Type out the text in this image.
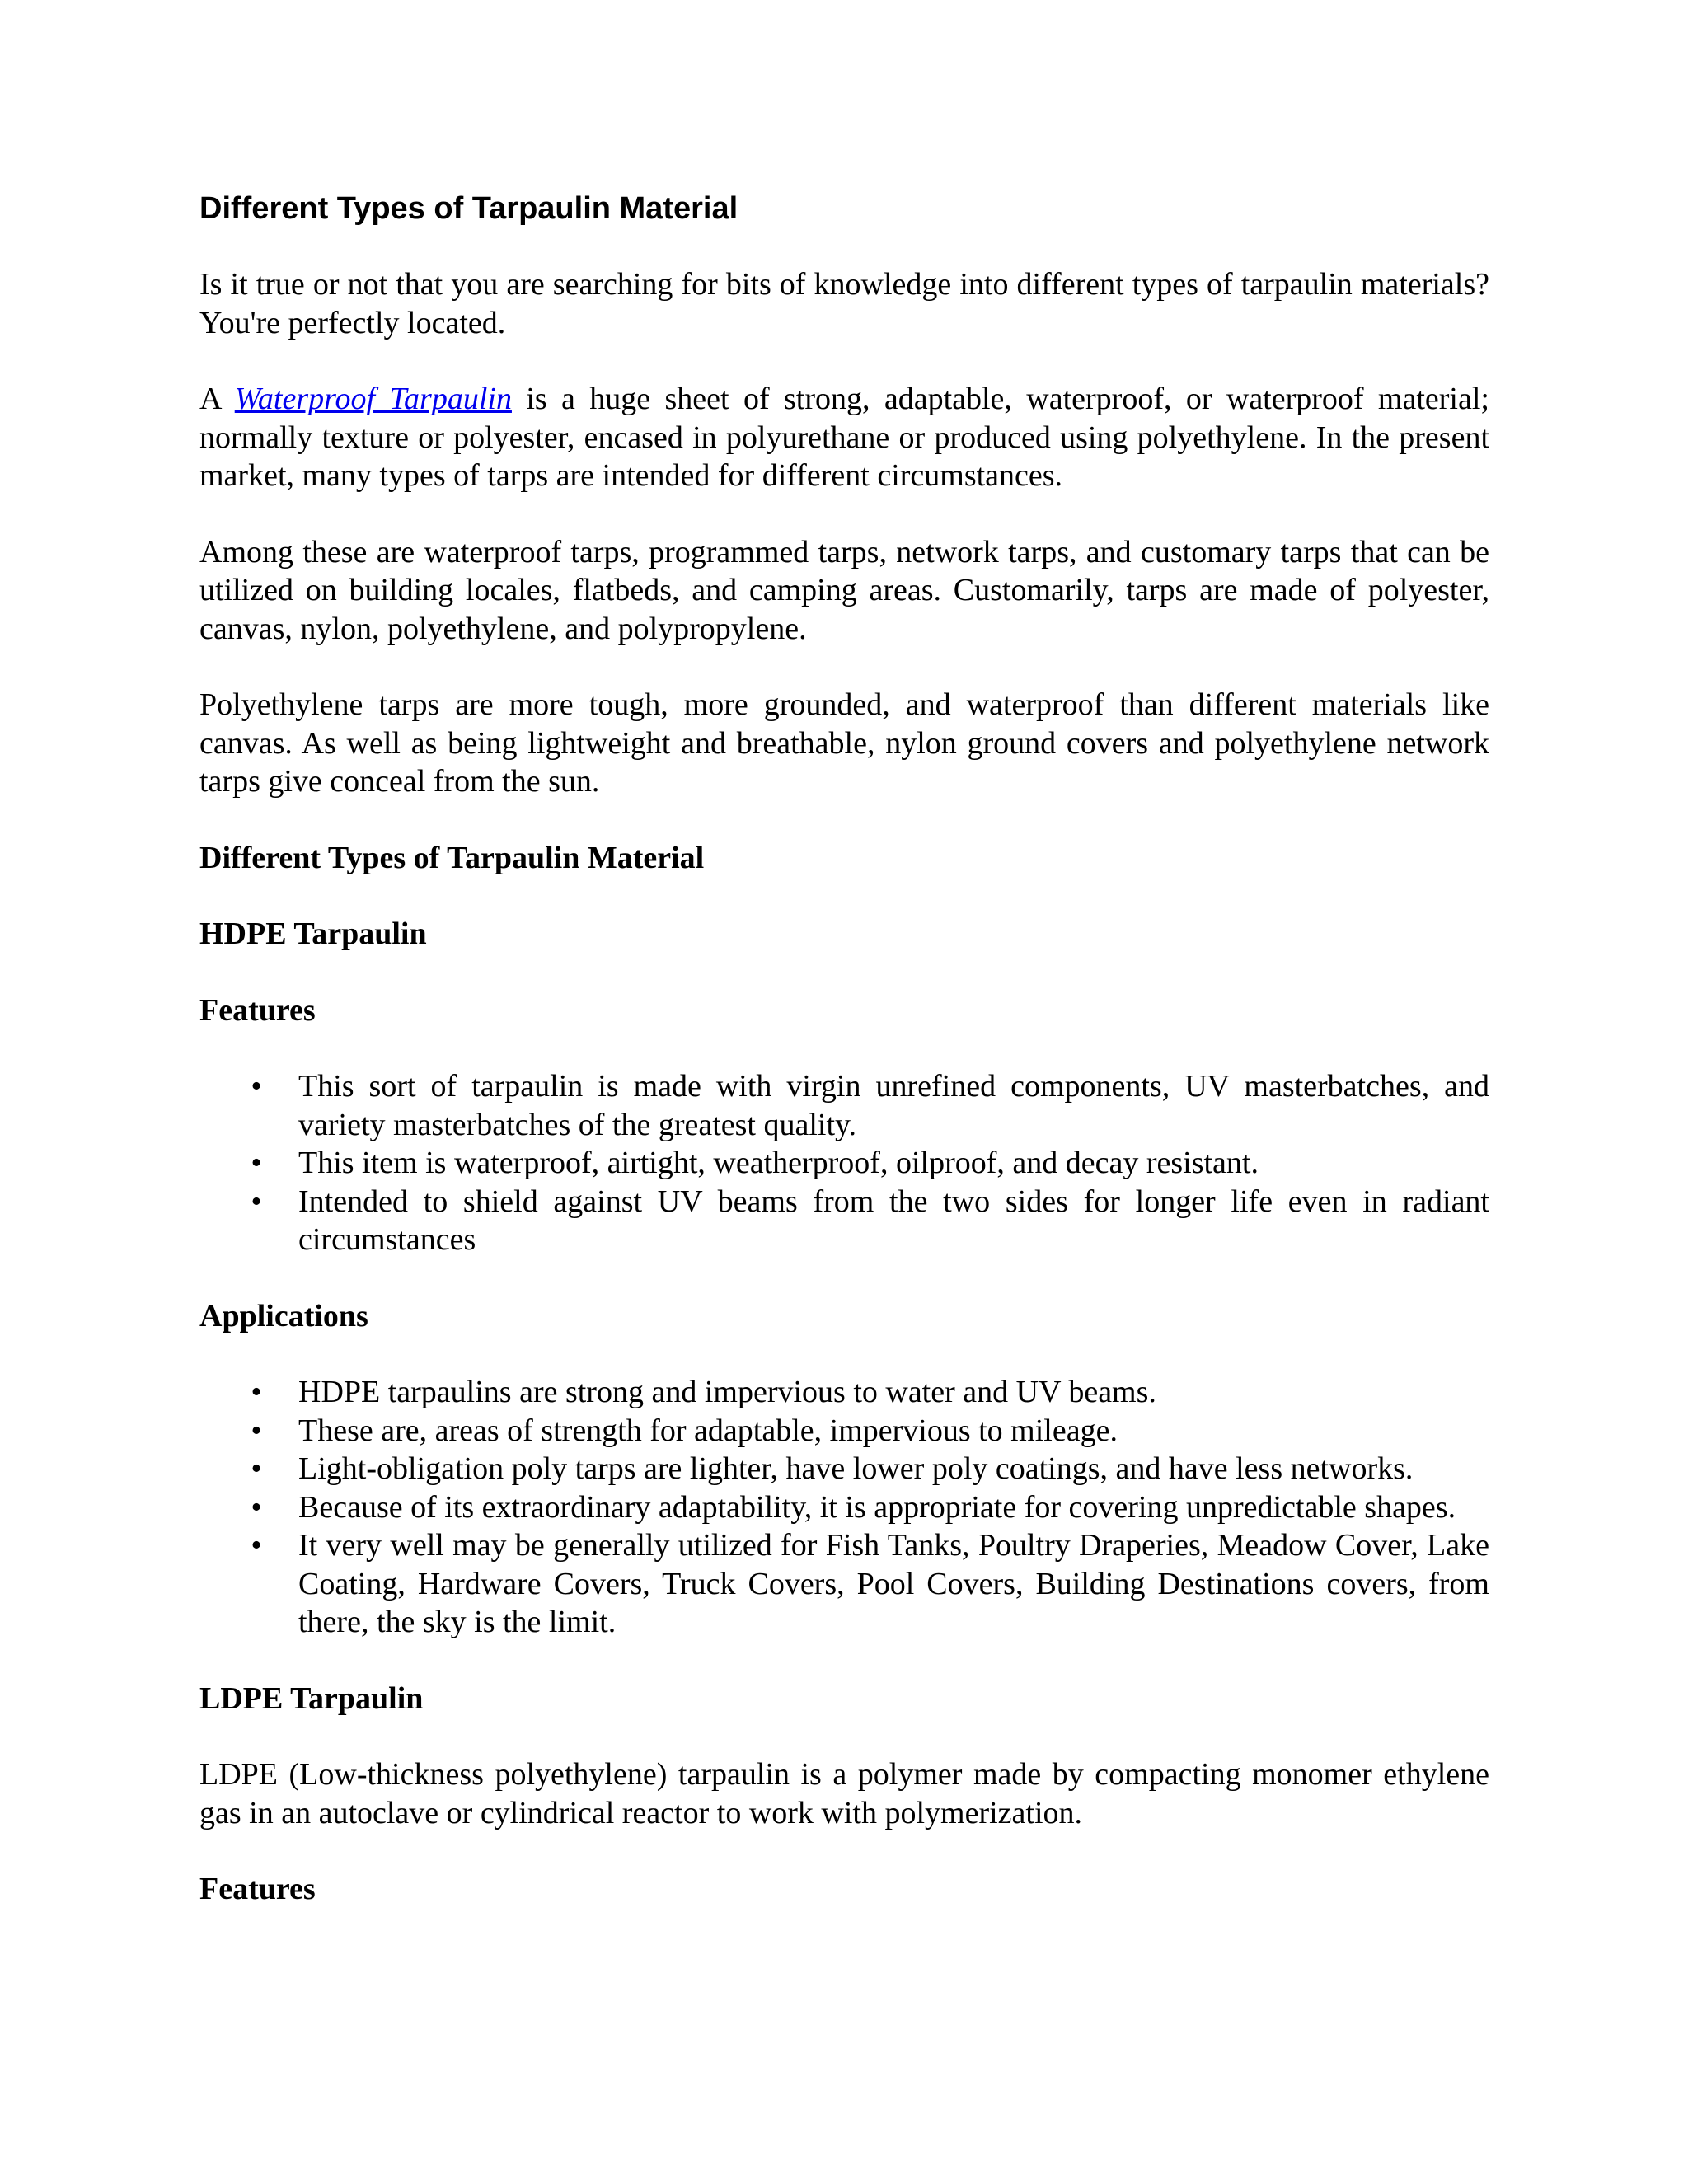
Different Types of Tarpaulin Material

Is it true or not that you are searching for bits of knowledge into different types of tarpaulin materials? You're perfectly located.

A Waterproof Tarpaulin is a huge sheet of strong, adaptable, waterproof, or waterproof material; normally texture or polyester, encased in polyurethane or produced using polyethylene. In the present market, many types of tarps are intended for different circumstances.

Among these are waterproof tarps, programmed tarps, network tarps, and customary tarps that can be utilized on building locales, flatbeds, and camping areas. Customarily, tarps are made of polyester, canvas, nylon, polyethylene, and polypropylene.

Polyethylene tarps are more tough, more grounded, and waterproof than different materials like canvas. As well as being lightweight and breathable, nylon ground covers and polyethylene network tarps give conceal from the sun.

Different Types of Tarpaulin Material
HDPE Tarpaulin
Features
• This sort of tarpaulin is made with virgin unrefined components, UV masterbatches, and variety masterbatches of the greatest quality.
• This item is waterproof, airtight, weatherproof, oilproof, and decay resistant.
• Intended to shield against UV beams from the two sides for longer life even in radiant circumstances
Applications
• HDPE tarpaulins are strong and impervious to water and UV beams.
• These are, areas of strength for adaptable, impervious to mileage.
• Light-obligation poly tarps are lighter, have lower poly coatings, and have less networks.
• Because of its extraordinary adaptability, it is appropriate for covering unpredictable shapes.
• It very well may be generally utilized for Fish Tanks, Poultry Draperies, Meadow Cover, Lake Coating, Hardware Covers, Truck Covers, Pool Covers, Building Destinations covers, from there, the sky is the limit.
LDPE Tarpaulin

LDPE (Low-thickness polyethylene) tarpaulin is a polymer made by compacting monomer ethylene gas in an autoclave or cylindrical reactor to work with polymerization.

Features
